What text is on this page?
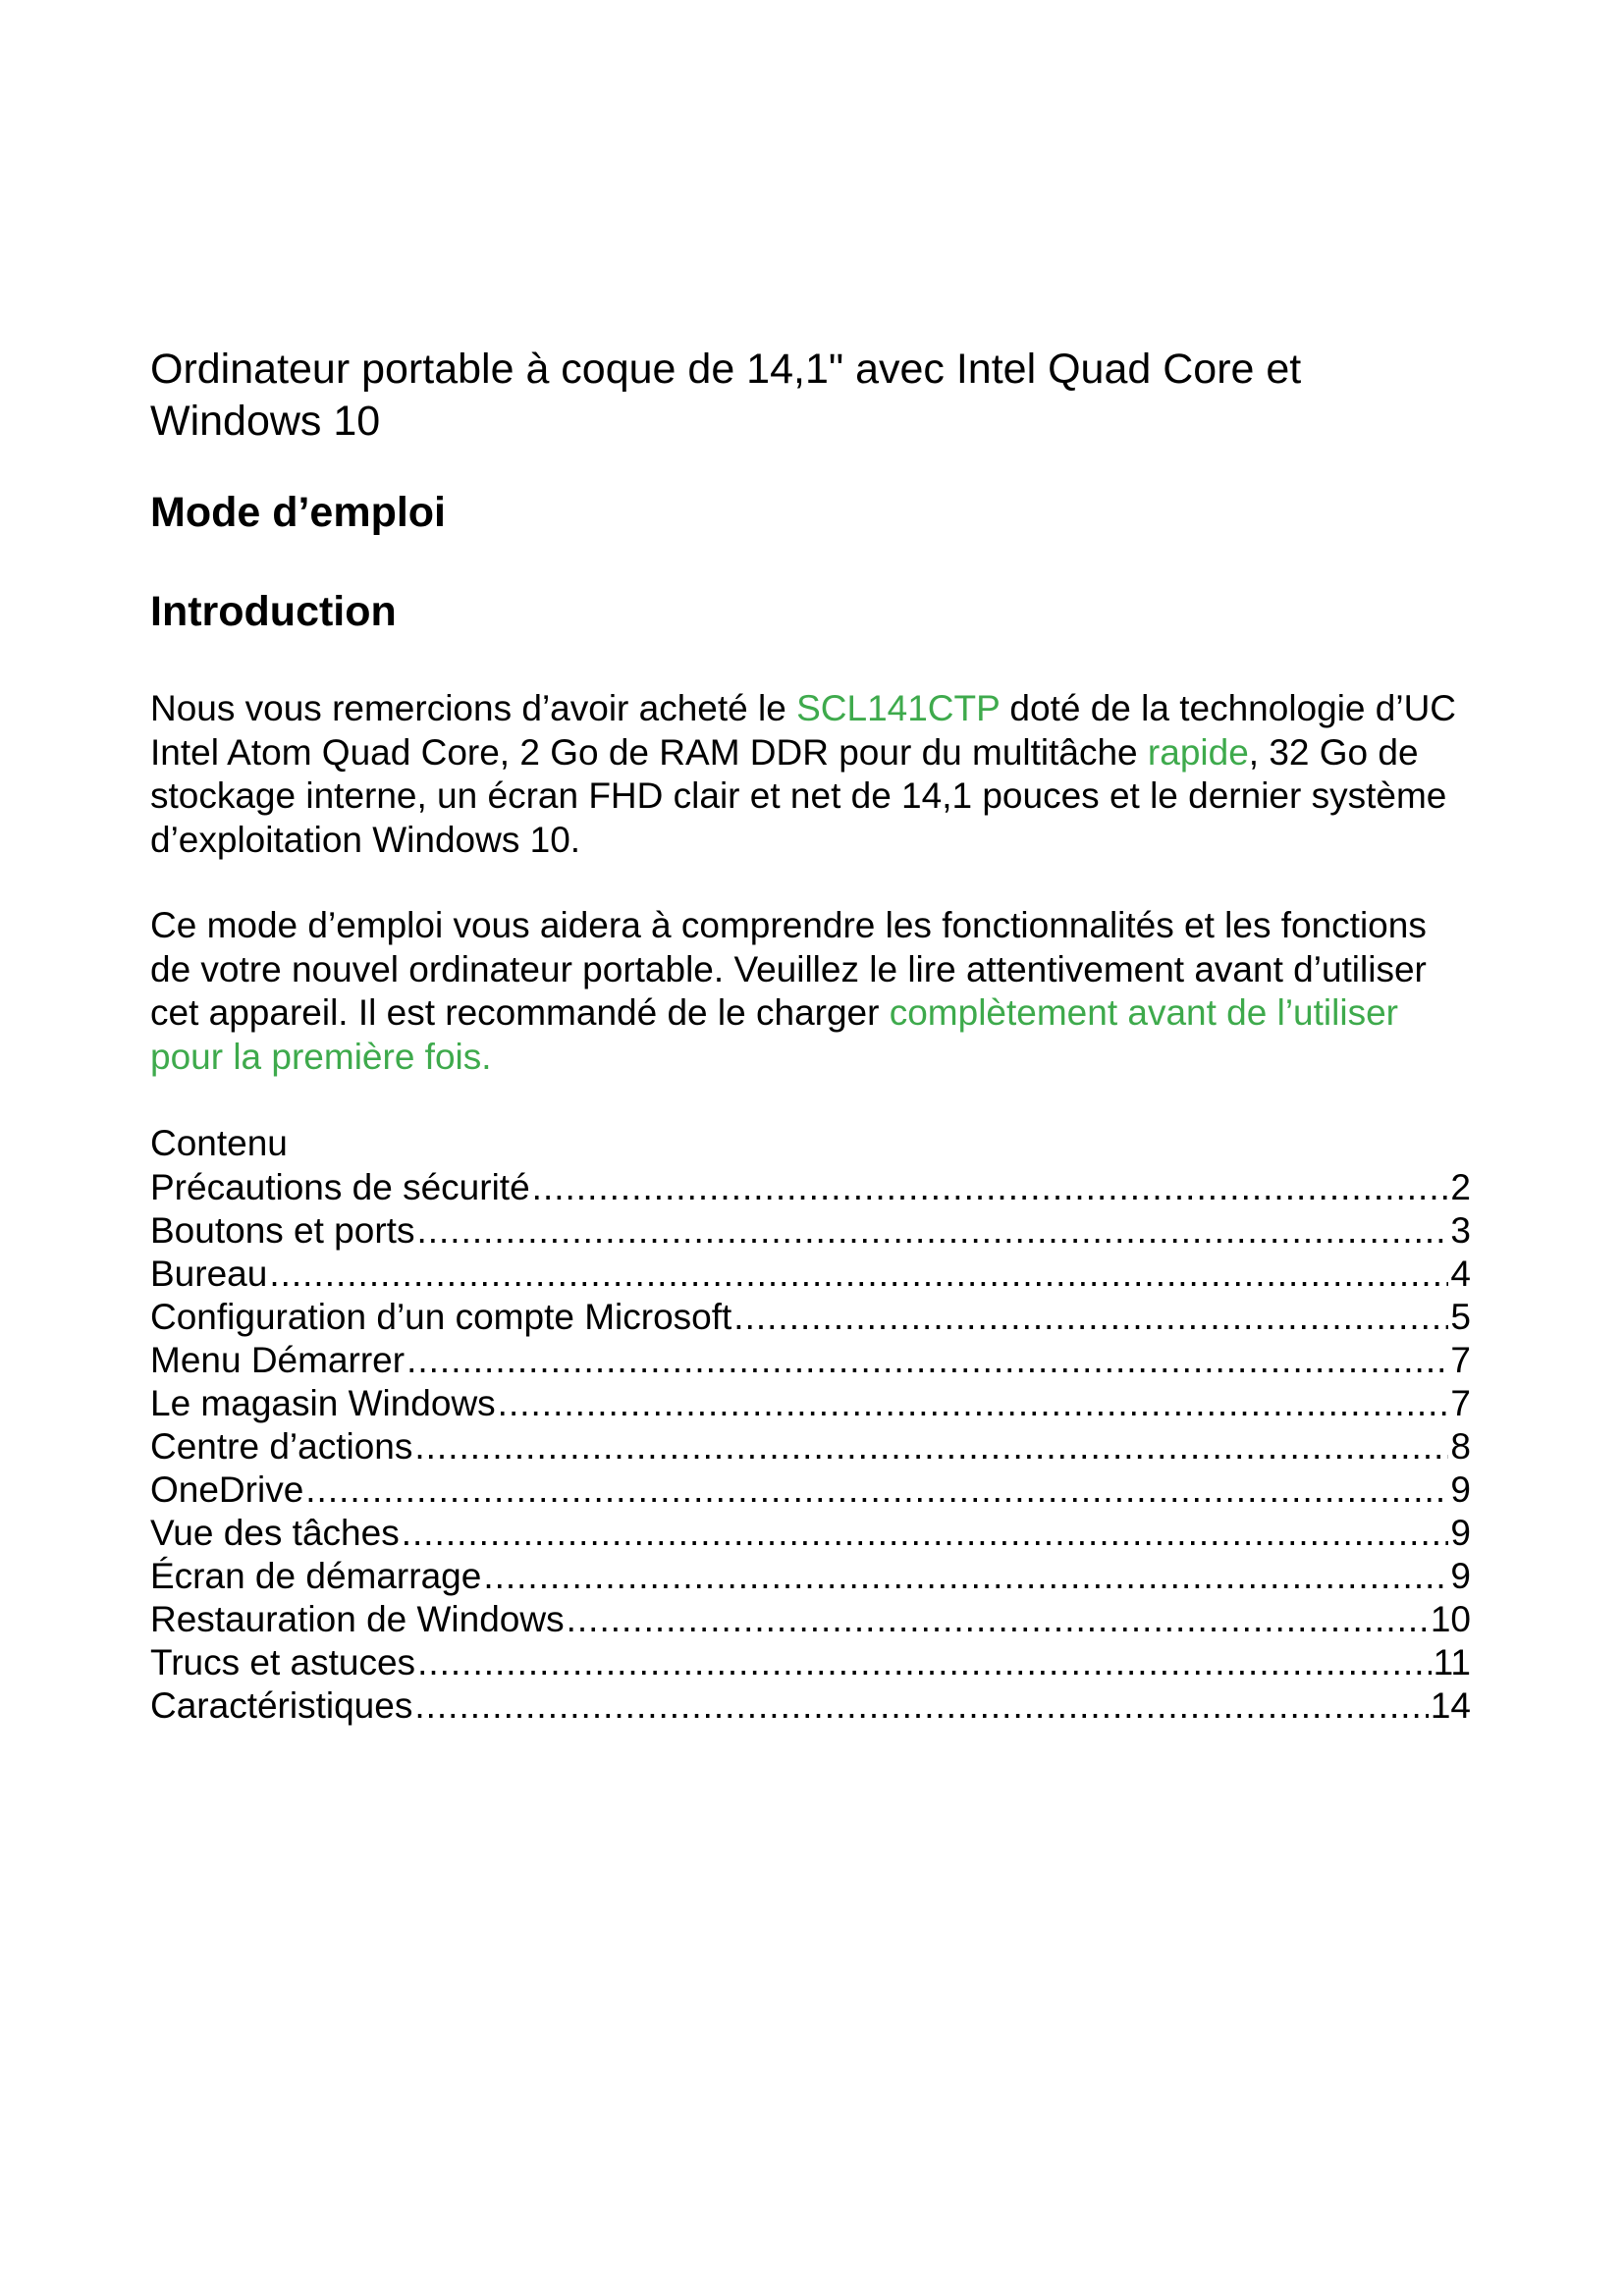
Ordinateur portable à coque de 14,1" avec Intel Quad Core et Windows 10
Mode d’emploi
Introduction

Nous vous remercions d’avoir acheté le SCL141CTP doté de la technologie d’UC Intel Atom Quad Core, 2 Go de RAM DDR pour du multitâche rapide, 32 Go de stockage interne, un écran FHD clair et net de 14,1 pouces et le dernier système d’exploitation Windows 10.

Ce mode d’emploi vous aidera à comprendre les fonctionnalités et les fonctions de votre nouvel ordinateur portable. Veuillez le lire attentivement avant d’utiliser cet appareil. Il est recommandé de le charger complètement avant de l’utiliser pour la première fois.

Contenu
Précautions de sécurité .....	2
Boutons et ports .....	3
Bureau .....	4
Configuration d’un compte Microsoft .....	5
Menu Démarrer .....	7
Le magasin Windows .....	7
Centre d’actions .....	8
OneDrive .....	9
Vue des tâches .....	9
Écran de démarrage .....	9
Restauration de Windows .....	10
Trucs et astuces .....	11
Caractéristiques .....	14
